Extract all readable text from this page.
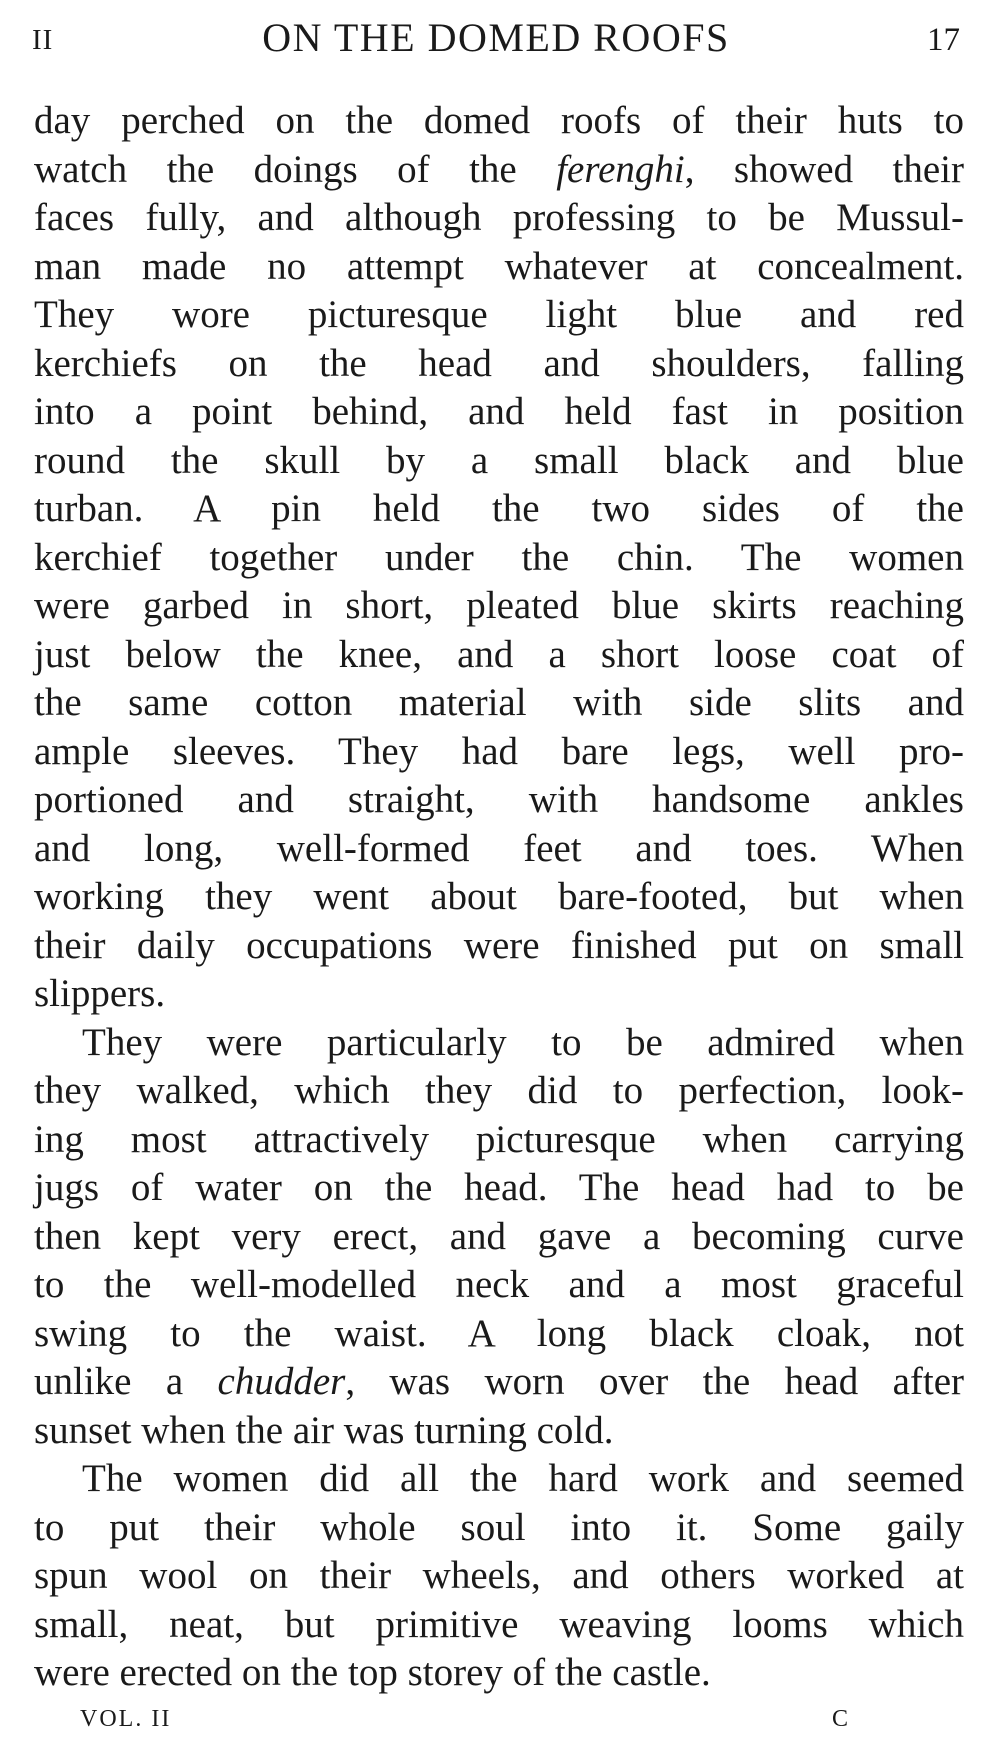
II	ON THE DOMED ROOFS	17
day perched on the domed roofs of their huts to
watch the doings of the ferenghi, showed their
faces fully, and although professing to be Mussul-
man made no attempt whatever at concealment.
They wore picturesque light blue and red
kerchiefs on the head and shoulders, falling
into a point behind, and held fast in position
round the skull by a small black and blue
turban. A pin held the two sides of the
kerchief together under the chin. The women
were garbed in short, pleated blue skirts reaching
just below the knee, and a short loose coat of
the same cotton material with side slits and
ample sleeves. They had bare legs, well pro-
portioned and straight, with handsome ankles
and long, well-formed feet and toes. When
working they went about bare-footed, but when
their daily occupations were finished put on small
slippers.
They were particularly to be admired when
they walked, which they did to perfection, look-
ing most attractively picturesque when carrying
jugs of water on the head. The head had to be
then kept very erect, and gave a becoming curve
to the well-modelled neck and a most graceful
swing to the waist. A long black cloak, not
unlike a chudder, was worn over the head after
sunset when the air was turning cold.
The women did all the hard work and seemed
to put their whole soul into it. Some gaily
spun wool on their wheels, and others worked at
small, neat, but primitive weaving looms which
were erected on the top storey of the castle.
VOL. II	C
